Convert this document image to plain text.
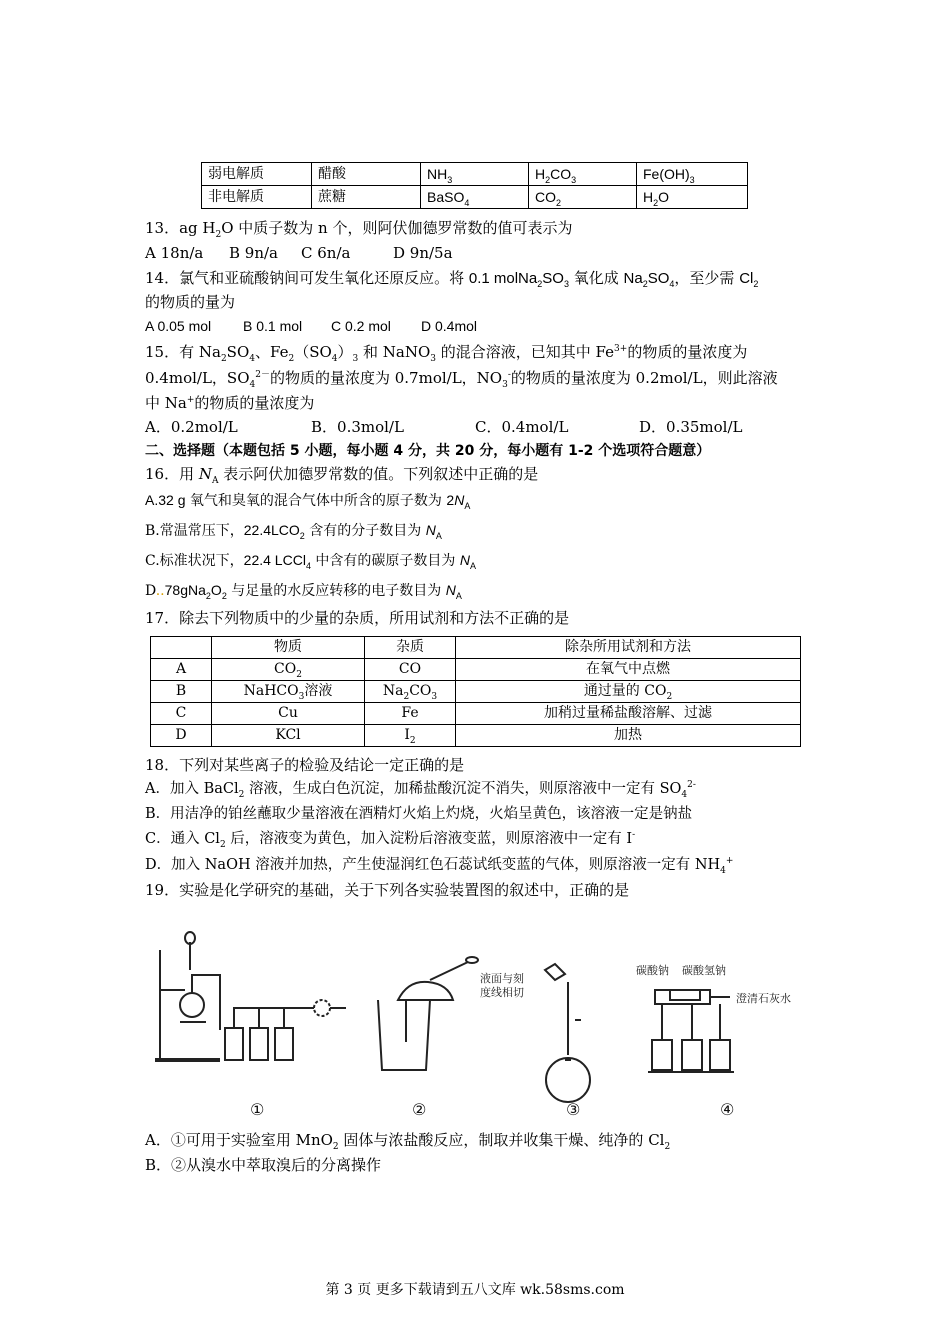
弱电解质	醋酸	$NH_3$	$H_2CO_3$	$Fe(OH)_3$
非电解质	蔗糖	BaSO$_4$	$CO_2$	$H_2O$
13．ag $H_2O$ 中质子数为 n 个，则阿伏伽德罗常数的值可表示为
A 18n/a B 9n/a C 6n/a	D 9n/5a
14．氯气和亚硫酸钠间可发生氧化还原反应。将 0.1 $molNa_2SO_3$ 氧化成 $Na_2SO_4$，至少需 $Cl_2$
的物质的量为
A 0.05 mol B 0.1 mol C 0.2 mol D 0.4mol
15．有 $Na_2SO_4$、$Fe_2(SO_4)_3$ 和 NaNO$_3$ 的混合溶液，已知其中 $Fe^{3+}$的物质的量浓度为
0.4mol/L，$SO_4^{2-}$的物质的量浓度为 0.7mol/L，$NO_3^-$的物质的量浓度为 0.2mol/L，则此溶液
中 Na+的物质的量浓度为
A．0.2mol/L	B．0.3mol/L	C．0.4mol/L	D．0.35mol/L
二、选择题（本题包括 5 小题，每小题 4 分，共 20 分，每小题有 1-2 个选项符合题意）
16．用 $N_A$ 表示阿伏加德罗常数的值。下列叙述中正确的是
A.32 g 氧气和臭氧的混合气体中所含的原子数为 $2N_A$
B.常温常压下，$22.4LCO_2$ 含有的分子数目为 $N_A$
C.标准状况下，22.4 LCCl$_4$ 中含有的碳原子数目为 $N_A$
$D..78gNa_2O_2$ 与足量的水反应转移的电子数目为 $N_A$
17．除去下列物质中的少量的杂质，所用试剂和方法不正确的是
	物质	杂质	除杂所用试剂和方法
A	$CO_2$	CO	在氧气中点燃
B	NaHCO$_3$溶液	$Na_2CO_3$	通过量的 $CO_2$
C	Cu	Fe	加稍过量稀盐酸溶解、过滤
D	KCl	$I_2$	加热
18．下列对某些离子的检验及结论一定正确的是
A．加入 BaCl$_2$ 溶液，生成白色沉淀，加稀盐酸沉淀不消失，则原溶液中一定有 $SO_4^{2-}$
B．用洁净的铂丝蘸取少量溶液在酒精灯火焰上灼烧，火焰呈黄色，该溶液一定是钠盐
C．通入 $Cl_2$ 后，溶液变为黄色，加入淀粉后溶液变蓝，则原溶液中一定有 I-
D．加入 NaOH 溶液并加热，产生使湿润红色石蕊试纸变蓝的气体，则原溶液一定有 $NH_4^+$
19．实验是化学研究的基础，关于下列各实验装置图的叙述中，正确的是
液面与刻
度线相切
碳酸钠 碳酸氢钠
澄清石灰水
①	②	③	④
A．①可用于实验室用 MnO$_2$ 固体与浓盐酸反应，制取并收集干燥、纯净的 $Cl_2$
B．②从溴水中萃取溴后的分离操作
第 3 页 更多下载请到五八文库 wk.58sms.com
